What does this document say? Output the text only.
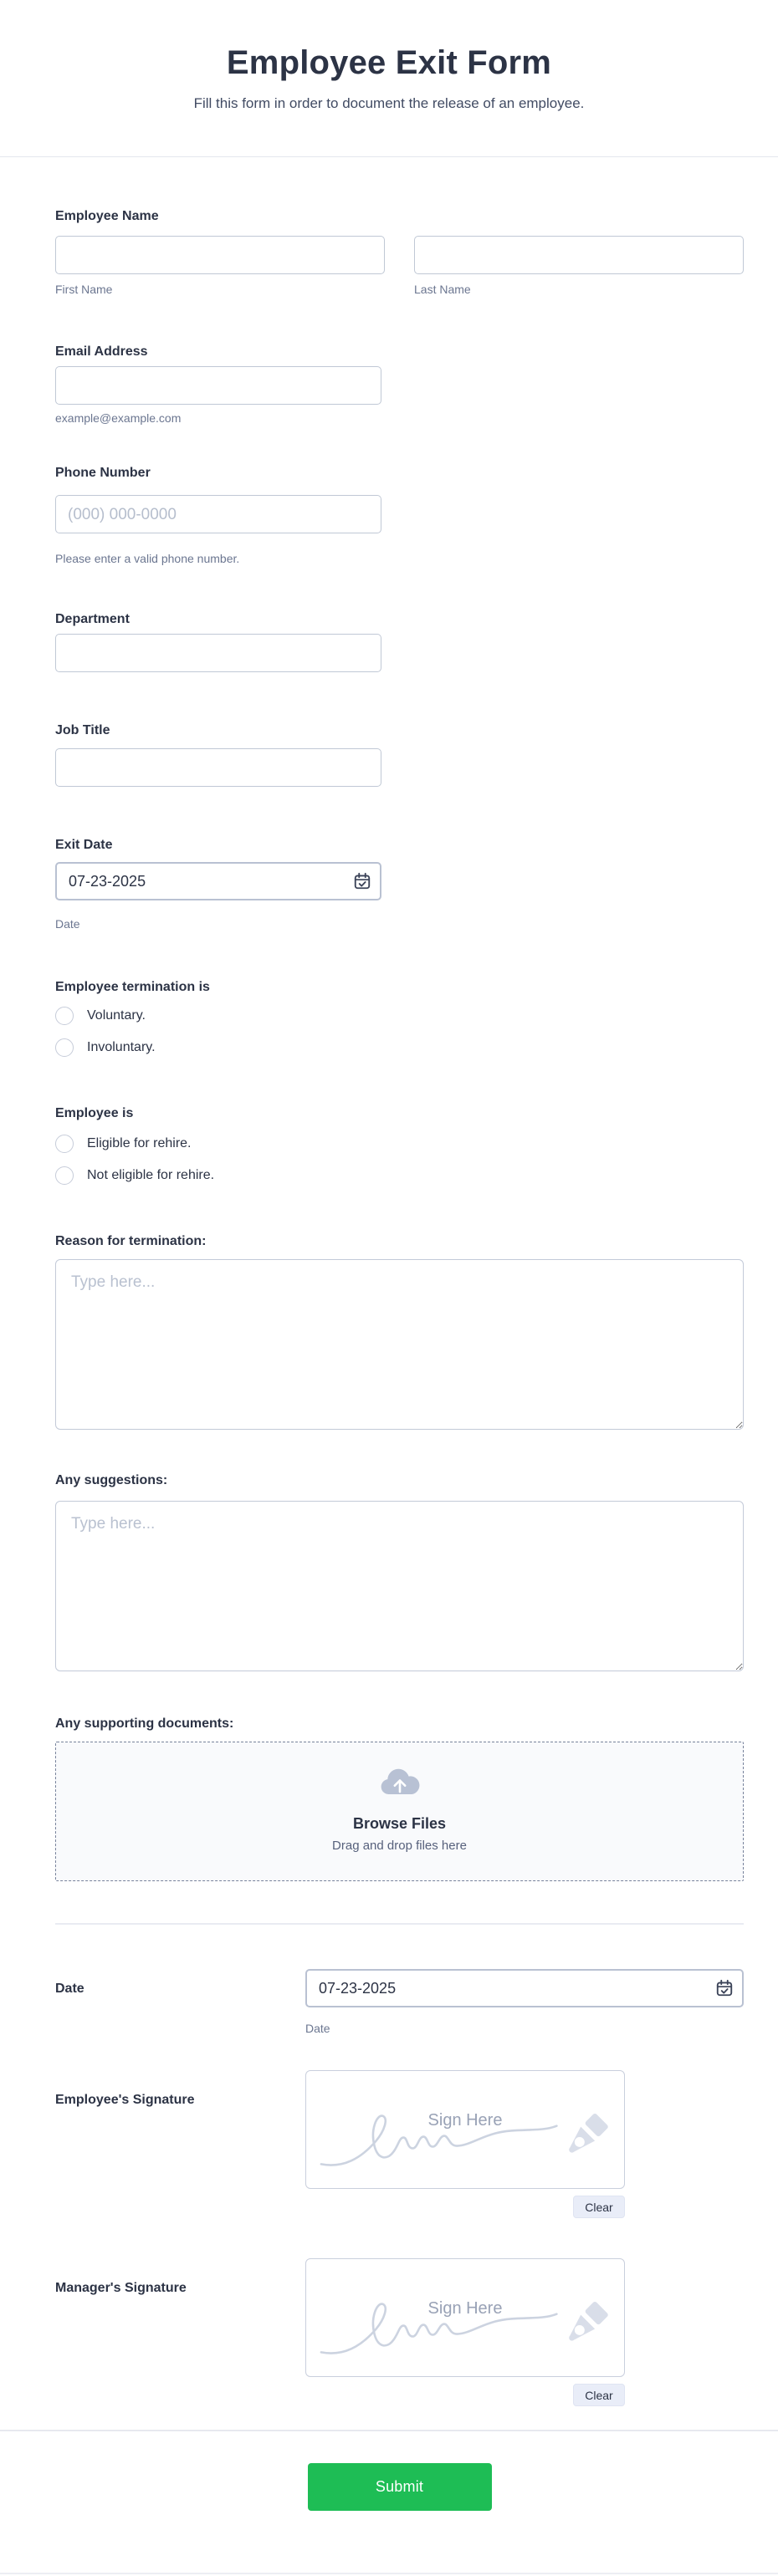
Employee Exit Form
Fill this form in order to document the release of an employee.
Employee Name
First Name	Last Name
Email Address
example@example.com
Phone Number
(000) 000-0000
Please enter a valid phone number.
Department
Job Title
Exit Date
07-23-2025
Date
Employee termination is
Voluntary.
Involuntary.
Employee is
Eligible for rehire.
Not eligible for rehire.
Reason for termination:
Type here...
Any suggestions:
Type here...
Any supporting documents:
Browse Files
Drag and drop files here
Date
07-23-2025
Date
Employee's Signature
Sign Here
Clear
Manager's Signature
Sign Here
Clear
Submit
